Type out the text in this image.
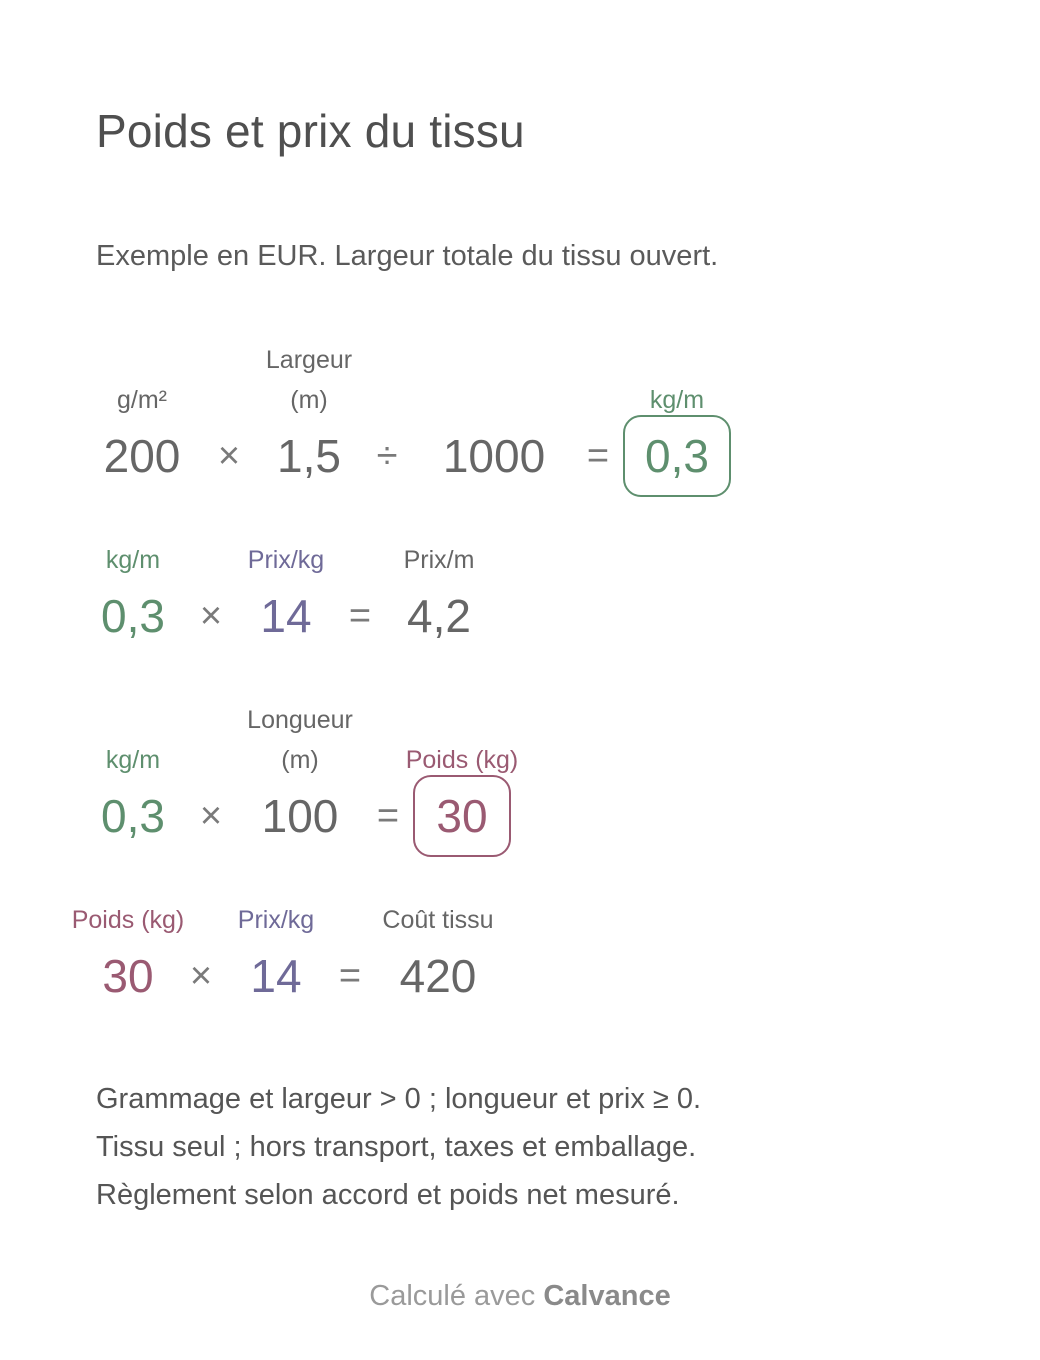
Poids et prix du tissu
Exemple en EUR. Largeur totale du tissu ouvert.
g/m²
Largeur
(m)	kg/m
200 × 1,5 ÷ 1000	= 0,3
kg/m	Prix/kg	Prix/m
0,3 × 14 = 4,2
kg/m
Longueur
(m)	Poids (kg)
0,3 × 100	= 30
Poids (kg)	Prix/kg	Coût tissu
30 × 14 = 420
Grammage et largeur > 0 ; longueur et prix ≥ 0.
Tissu seul ; hors transport, taxes et emballage.
Règlement selon accord et poids net mesuré.
Calculé avec Calvance
